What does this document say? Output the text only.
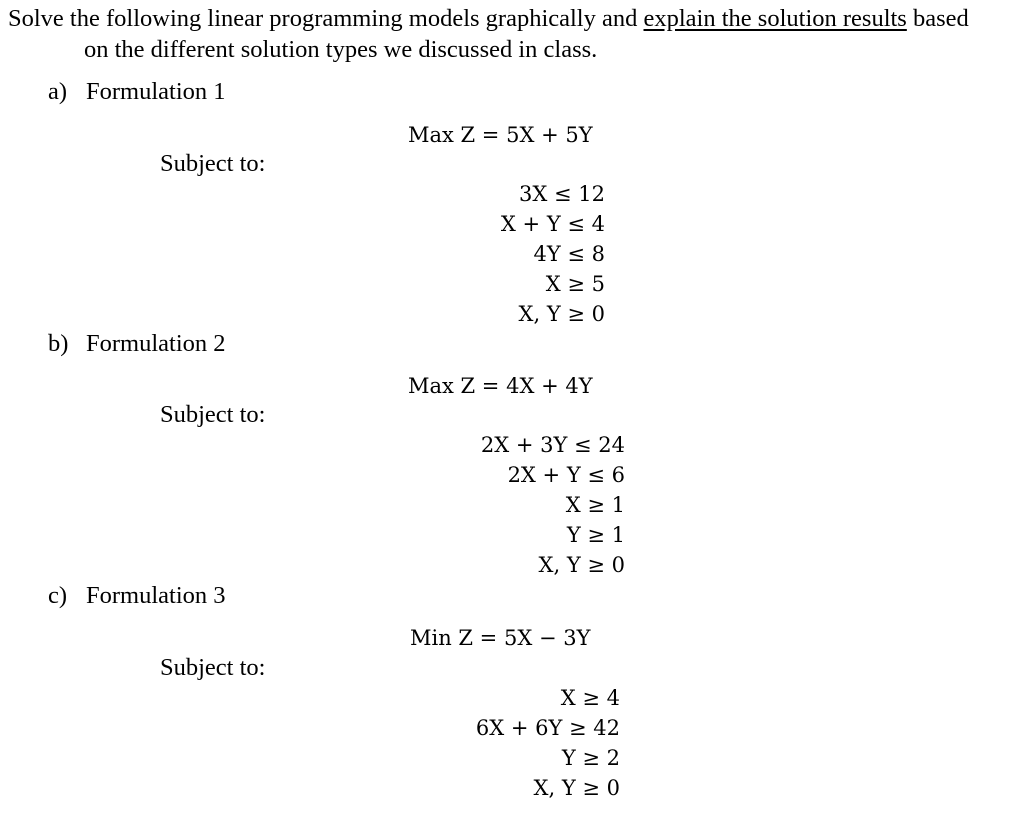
Solve the following linear programming models graphically and explain the solution results based
on the different solution types we discussed in class.
a) Formulation 1
Max Z = 5X + 5Y
Subject to:
3X ≤ 12
X + Y ≤ 4
4Y ≤ 8
X ≥ 5
X, Y ≥ 0
b) Formulation 2
Max Z = 4X + 4Y
Subject to:
2X + 3Y ≤ 24
2X + Y ≤ 6
X ≥ 1
Y ≥ 1
X, Y ≥ 0
c) Formulation 3
Min Z = 5X − 3Y
Subject to:
X ≥ 4
6X + 6Y ≥ 42
Y ≥ 2
X, Y ≥ 0
